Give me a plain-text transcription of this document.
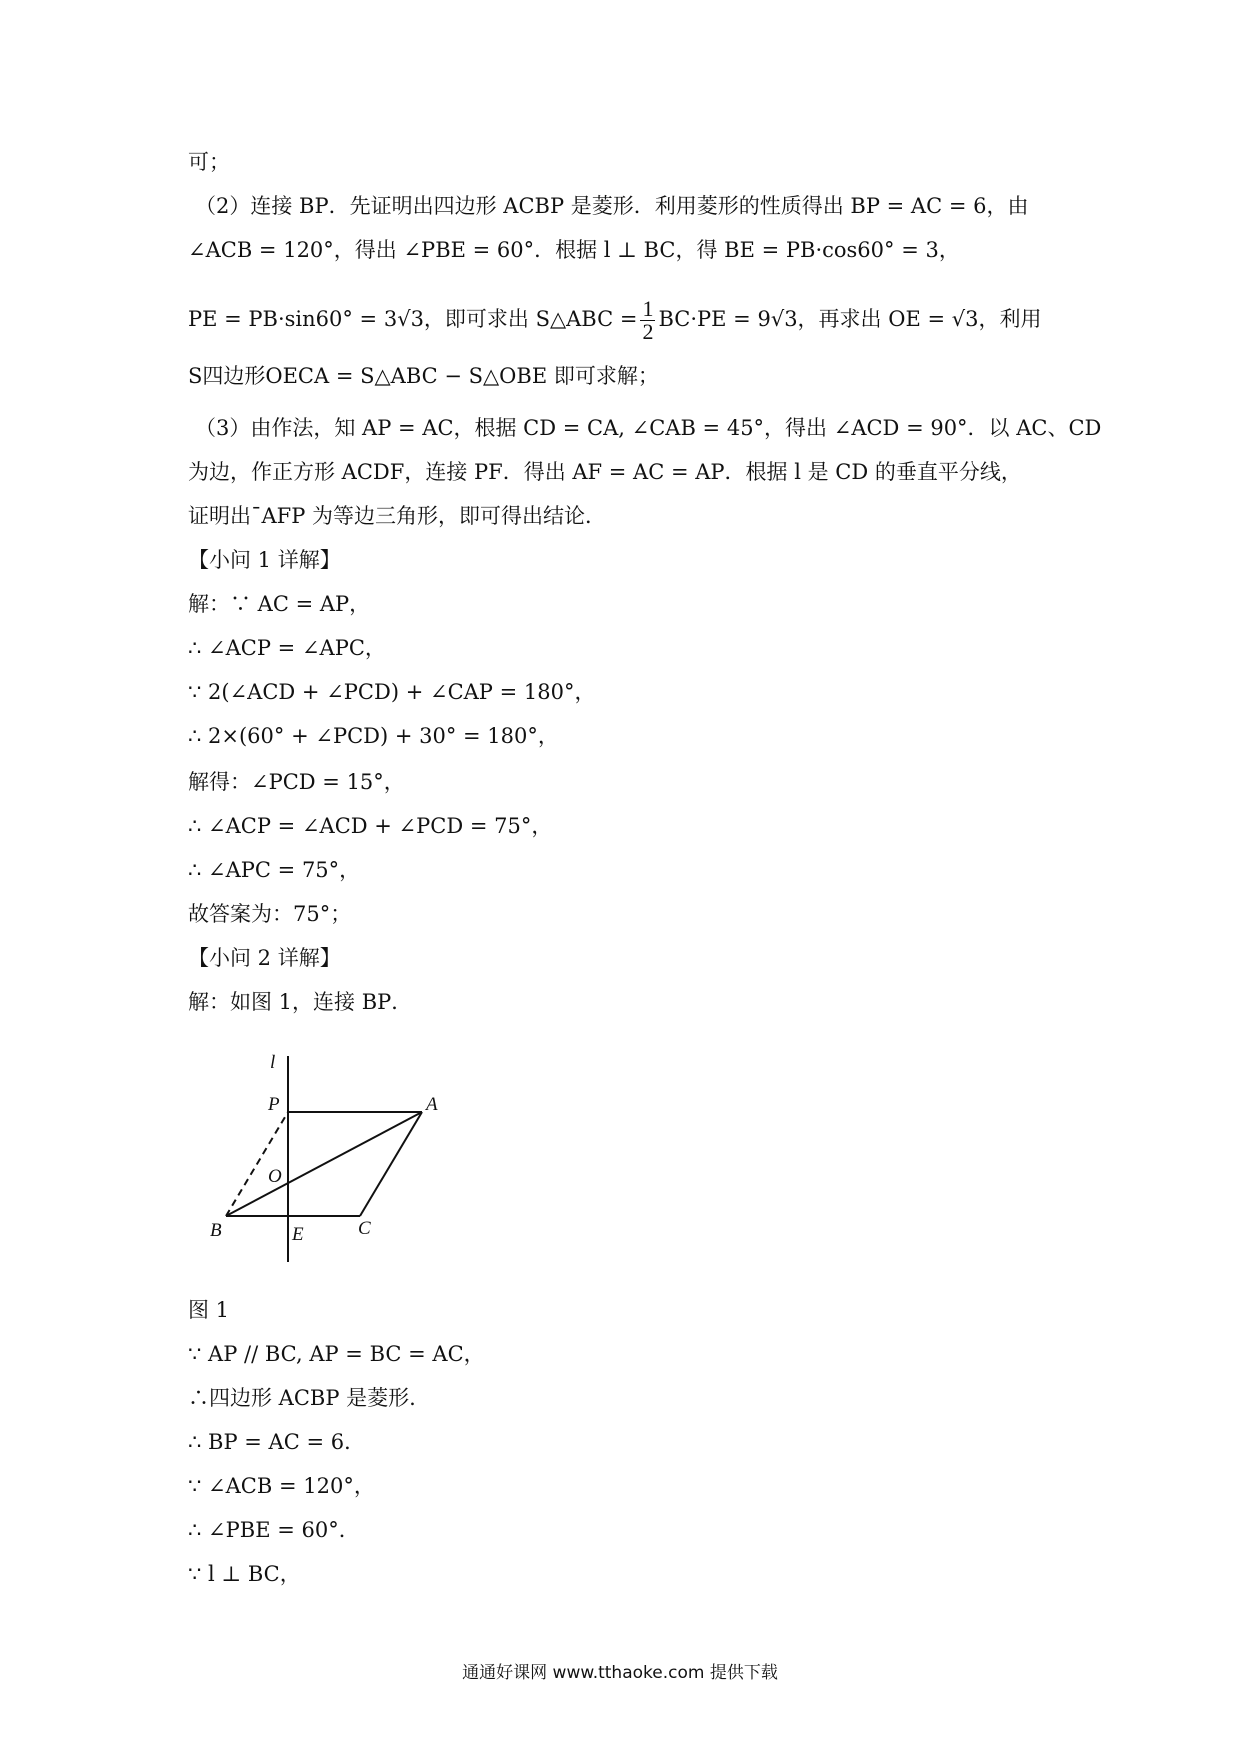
可；
（2）连接 BP．先证明出四边形 ACBP 是菱形．利用菱形的性质得出 BP = AC = 6，由
∠ACB = 120°，得出 ∠PBE = 60°．根据 l ⊥ BC，得 BE = PB·cos60° = 3，
PE = PB·sin60° = 3√3，即可求出 S△ABC = $\frac{1}{2} BC\cdot PE = 9√3$，再求出 OE = √3，利用
S四边形OECA = S△ABC − S△OBE 即可求解；
（3）由作法，知 AP = AC，根据 CD = CA, ∠CAB = 45°，得出 ∠ACD = 90°．以 AC、CD
为边，作正方形 ACDF，连接 PF．得出 AF = AC = AP．根据 l 是 CD 的垂直平分线，
证明出¯AFP 为等边三角形，即可得出结论．
【小问 1 详解】
解：∵ AC = AP，
∴ ∠ACP = ∠APC，
∵ 2(∠ACD + ∠PCD) + ∠CAP = 180°，
∴ 2×(60° + ∠PCD) + 30° = 180°，
解得：∠PCD = 15°，
∴ ∠ACP = ∠ACD + ∠PCD = 75°，
∴ ∠APC = 75°，
故答案为：75°；
【小问 2 详解】
解：如图 1，连接 BP．
l
P	A
O
B	E	C
图 1
∵ AP // BC, AP = BC = AC，
∴四边形 ACBP 是菱形.
∴ BP = AC = 6．
∵ ∠ACB = 120°，
∴ ∠PBE = 60°．
∵ l ⊥ BC，
通通好课网 www.tthaoke.com 提供下载
